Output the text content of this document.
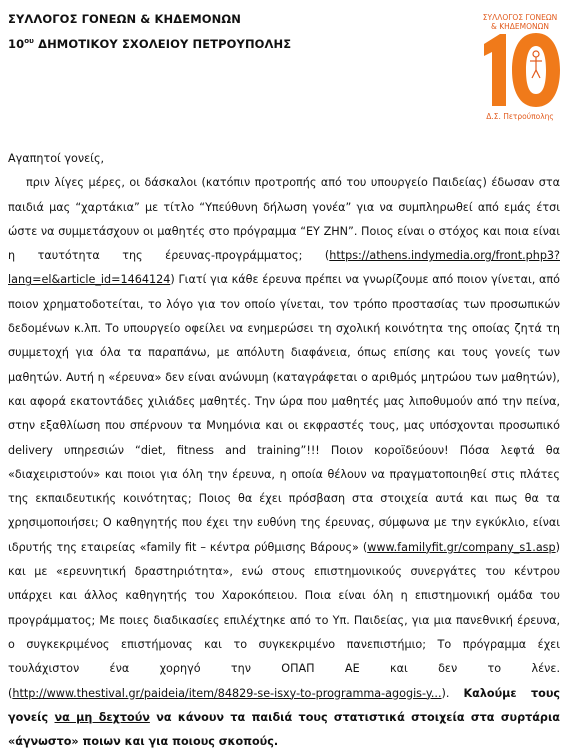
ΣΥΛΛΟΓΟΣ ΓΟΝΕΩΝ & ΚΗΔΕΜΟΝΩΝ
$10^{o\upsilon}$ ΔΗΜΟΤΙΚΟΥ ΣΧΟΛΕΙΟΥ ΠΕΤΡΟΥΠΟΛΗΣ
ΣΥΛΛΟΓΟΣ ΓΟΝΕΩΝ
& ΚΗΔΕΜΟΝΩΝ
Δ.Σ. Πετρούπολης

Αγαπητοί γονείς,

πριν λίγες μέρες, οι δάσκαλοι (κατόπιν προτροπής από του υπουργείο Παιδείας) έδωσαν στα παιδιά μας “χαρτάκια” με τίτλο “Υπεύθυνη δήλωση γονέα” για να συμπληρωθεί από εμάς έτσι ώστε να συμμετάσχουν οι μαθητές στο πρόγραμμα “ΕΥ ΖΗΝ”. Ποιος είναι ο στόχος και ποια είναι η ταυτότητα της έρευνας-προγράμματος; (https://athens.indymedia.org/front.php3?lang=el&article_id=1464124) Γιατί για κάθε έρευνα πρέπει να γνωρίζουμε από ποιον γίνεται, από ποιον χρηματοδοτείται, το λόγο για τον οποίο γίνεται, τον τρόπο προστασίας των προσωπικών δεδομένων κ.λπ. Το υπουργείο οφείλει να ενημερώσει τη σχολική κοινότητα της οποίας ζητά τη συμμετοχή για όλα τα παραπάνω, με απόλυτη διαφάνεια, όπως επίσης και τους γονείς των μαθητών. Αυτή η «έρευνα» δεν είναι ανώνυμη (καταγράφεται ο αριθμός μητρώου των μαθητών), και αφορά εκατοντάδες χιλιάδες μαθητές. Την ώρα που μαθητές μας λιποθυμούν από την πείνα, στην εξαθλίωση που σπέρνουν τα Μνημόνια και οι εκφραστές τους, μας υπόσχονται προσωπικό delivery υπηρεσιών “diet, fitness and training”!!! Ποιον κοροϊδεύουν! Πόσα λεφτά θα «διαχειριστούν» και ποιοι για όλη την έρευνα, η οποία θέλουν να πραγματοποιηθεί στις πλάτες της εκπαιδευτικής κοινότητας; Ποιος θα έχει πρόσβαση στα στοιχεία αυτά και πως θα τα χρησιμοποιήσει; Ο καθηγητής που έχει την ευθύνη της έρευνας, σύμφωνα με την εγκύκλιο, είναι ιδρυτής της εταιρείας «family fit – κέντρα ρύθμισης Βάρους» (www.familyfit.gr/company_s1.asp) και με «ερευνητική δραστηριότητα», ενώ στους επιστημονικούς συνεργάτες του κέντρου υπάρχει και άλλος καθηγητής του Χαροκόπειου. Ποια είναι όλη η επιστημονική ομάδα του προγράμματος; Με ποιες διαδικασίες επιλέχτηκε από το Υπ. Παιδείας, για μια πανεθνική έρευνα, ο συγκεκριμένος επιστήμονας και το συγκεκριμένο πανεπιστήμιο; Το πρόγραμμα έχει τουλάχιστον ένα χορηγό την ΟΠΑΠ ΑΕ και δεν το λένε. (http://www.thestival.gr/paideia/item/84829-se-isxy-to-programma-agogis-y...). Καλούμε τους γονείς να μη δεχτούν να κάνουν τα παιδιά τους στατιστικά στοιχεία στα συρτάρια «άγνωστο» ποιων και για ποιους σκοπούς.
